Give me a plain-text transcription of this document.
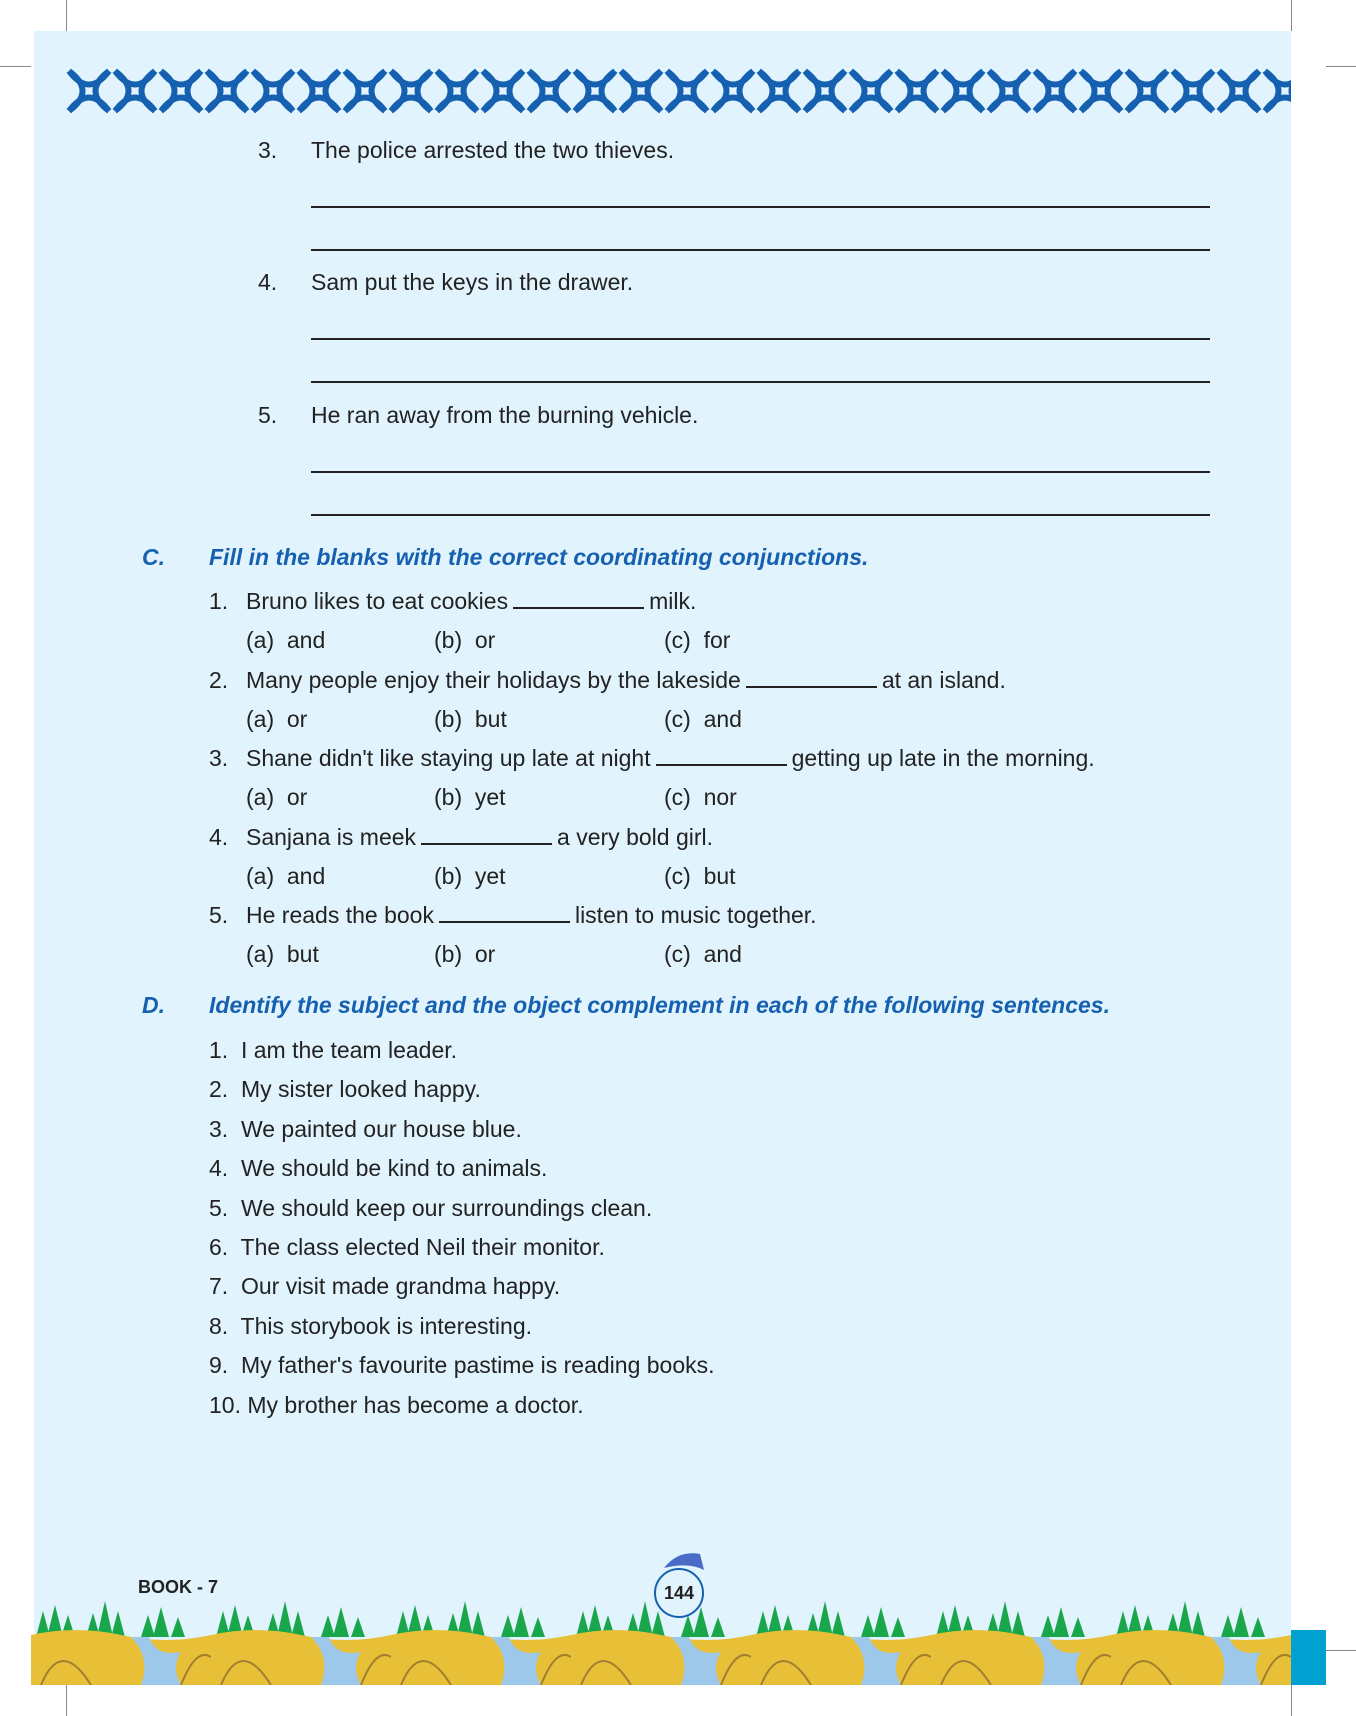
3. The police arrested the two thieves.
4. Sam put the keys in the drawer.
5. He ran away from the burning vehicle.
C. Fill in the blanks with the correct coordinating conjunctions.
1. Bruno likes to eat cookies	milk.
(a)  and	(b)  or	(c)  for
2. Many people enjoy their holidays by the lakeside	at an island.
(a)  or	(b)  but	(c)  and
3. Shane didn't like staying up late at night	getting up late in the morning.
(a)  or	(b)  yet	(c)  nor
4. Sanjana is meek	a very bold girl.
(a)  and	(b)  yet	(c)  but
5. He reads the book	listen to music together.
(a)  but	(b)  or	(c)  and
D. Identify the subject and the object complement in each of the following sentences.
1.  I am the team leader.
2.  My sister looked happy.
3.  We painted our house blue.
4.  We should be kind to animals.
5.  We should keep our surroundings clean.
6.  The class elected Neil their monitor.
7.  Our visit made grandma happy.
8.  This storybook is interesting.
9.  My father's favourite pastime is reading books.
10. My brother has become a doctor.
BOOK - 7	144
